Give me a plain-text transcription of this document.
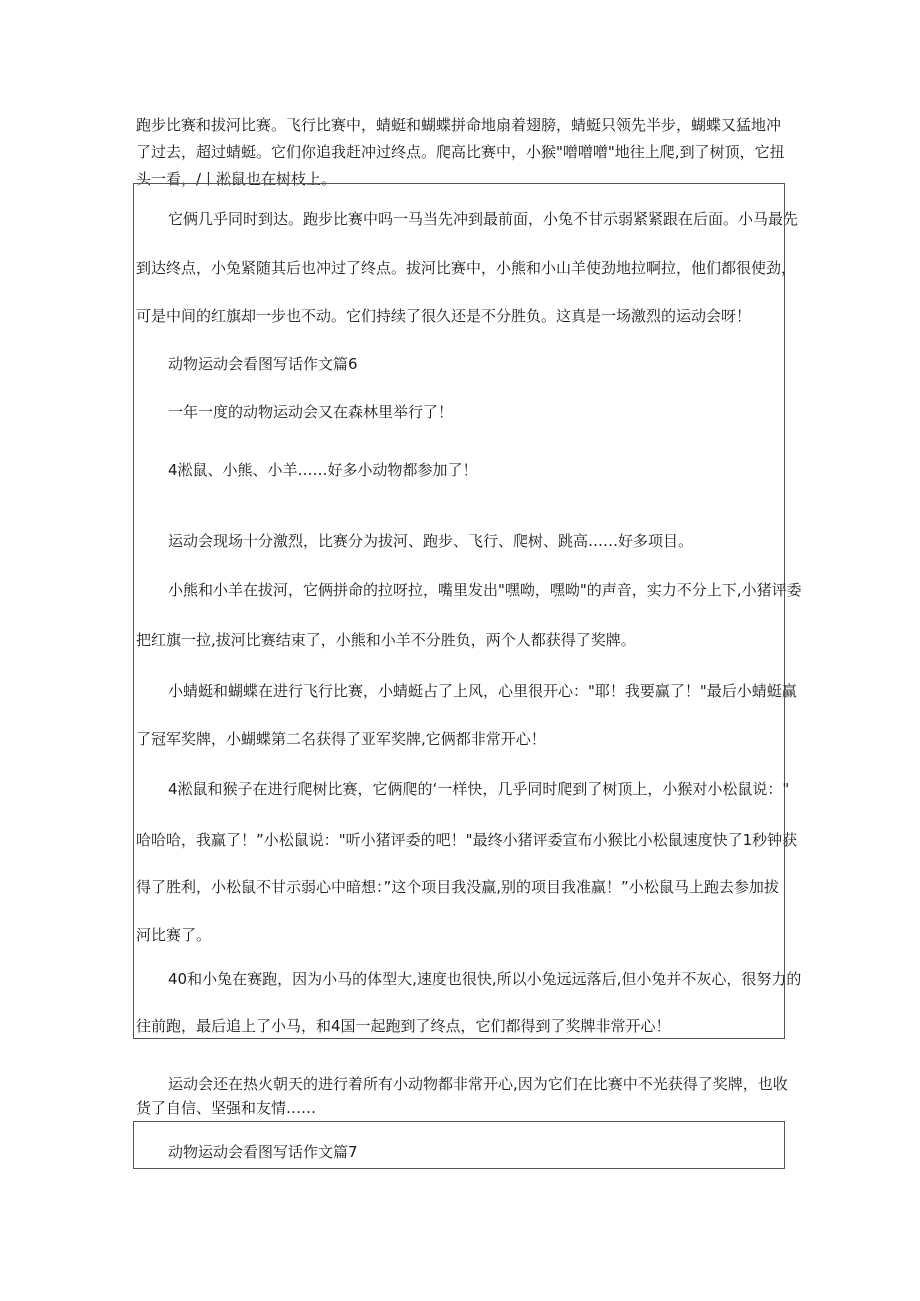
跑步比赛和拔河比赛。飞行比赛中，蜻蜓和蝴蝶拼命地扇着翅膀，蜻蜓只领先半步，蝴蝶又猛地冲了过去，超过蜻蜓。它们你追我赶冲过终点。爬高比赛中，小猴"噌噌噌"地往上爬,到了树顶，它扭头一看，/丨淞鼠也在树枝上。

它俩几乎同时到达。跑步比赛中吗一马当先冲到最前面，小兔不甘示弱紧紧跟在后面。小马最先

到达终点，小兔紧随其后也冲过了终点。拔河比赛中，小熊和小山羊使劲地拉啊拉，他们都很使劲，

可是中间的红旗却一步也不动。它们持续了很久还是不分胜负。这真是一场激烈的运动会呀！

动物运动会看图写话作文篇6

一年一度的动物运动会又在森林里举行了！

4淞鼠、小熊、小羊……好多小动物都参加了！

运动会现场十分激烈，比赛分为拔河、跑步、飞行、爬树、跳高……好多项目。

小熊和小羊在拔河，它俩拼命的拉呀拉，嘴里发出"嘿呦，嘿呦"的声音，实力不分上下,小猪评委

把红旗一拉,拔河比赛结束了，小熊和小羊不分胜负，两个人都获得了奖牌。

小蜻蜓和蝴蝶在进行飞行比赛，小蜻蜓占了上风，心里很开心："耶！我要赢了！"最后小蜻蜓赢

了冠军奖牌，小蝴蝶第二名获得了亚军奖牌,它俩都非常开心！

4淞鼠和猴子在进行爬树比赛，它俩爬的‘一样快，几乎同时爬到了树顶上，小猴对小松鼠说："

哈哈哈，我赢了！”小松鼠说："听小猪评委的吧！"最终小猪评委宣布小猴比小松鼠速度快了1秒钟获

得了胜利，小松鼠不甘示弱心中暗想：”这个项目我没赢,别的项目我准赢！”小松鼠马上跑去参加拔

河比赛了。

40和小兔在赛跑，因为小马的体型大,速度也很快,所以小兔远远落后,但小兔并不灰心，很努力的

往前跑，最后追上了小马，和4国一起跑到了终点，它们都得到了奖牌非常开心！

运动会还在热火朝天的进行着所有小动物都非常开心,因为它们在比赛中不光获得了奖牌，也收货了自信、坚强和友情……

动物运动会看图写话作文篇7
